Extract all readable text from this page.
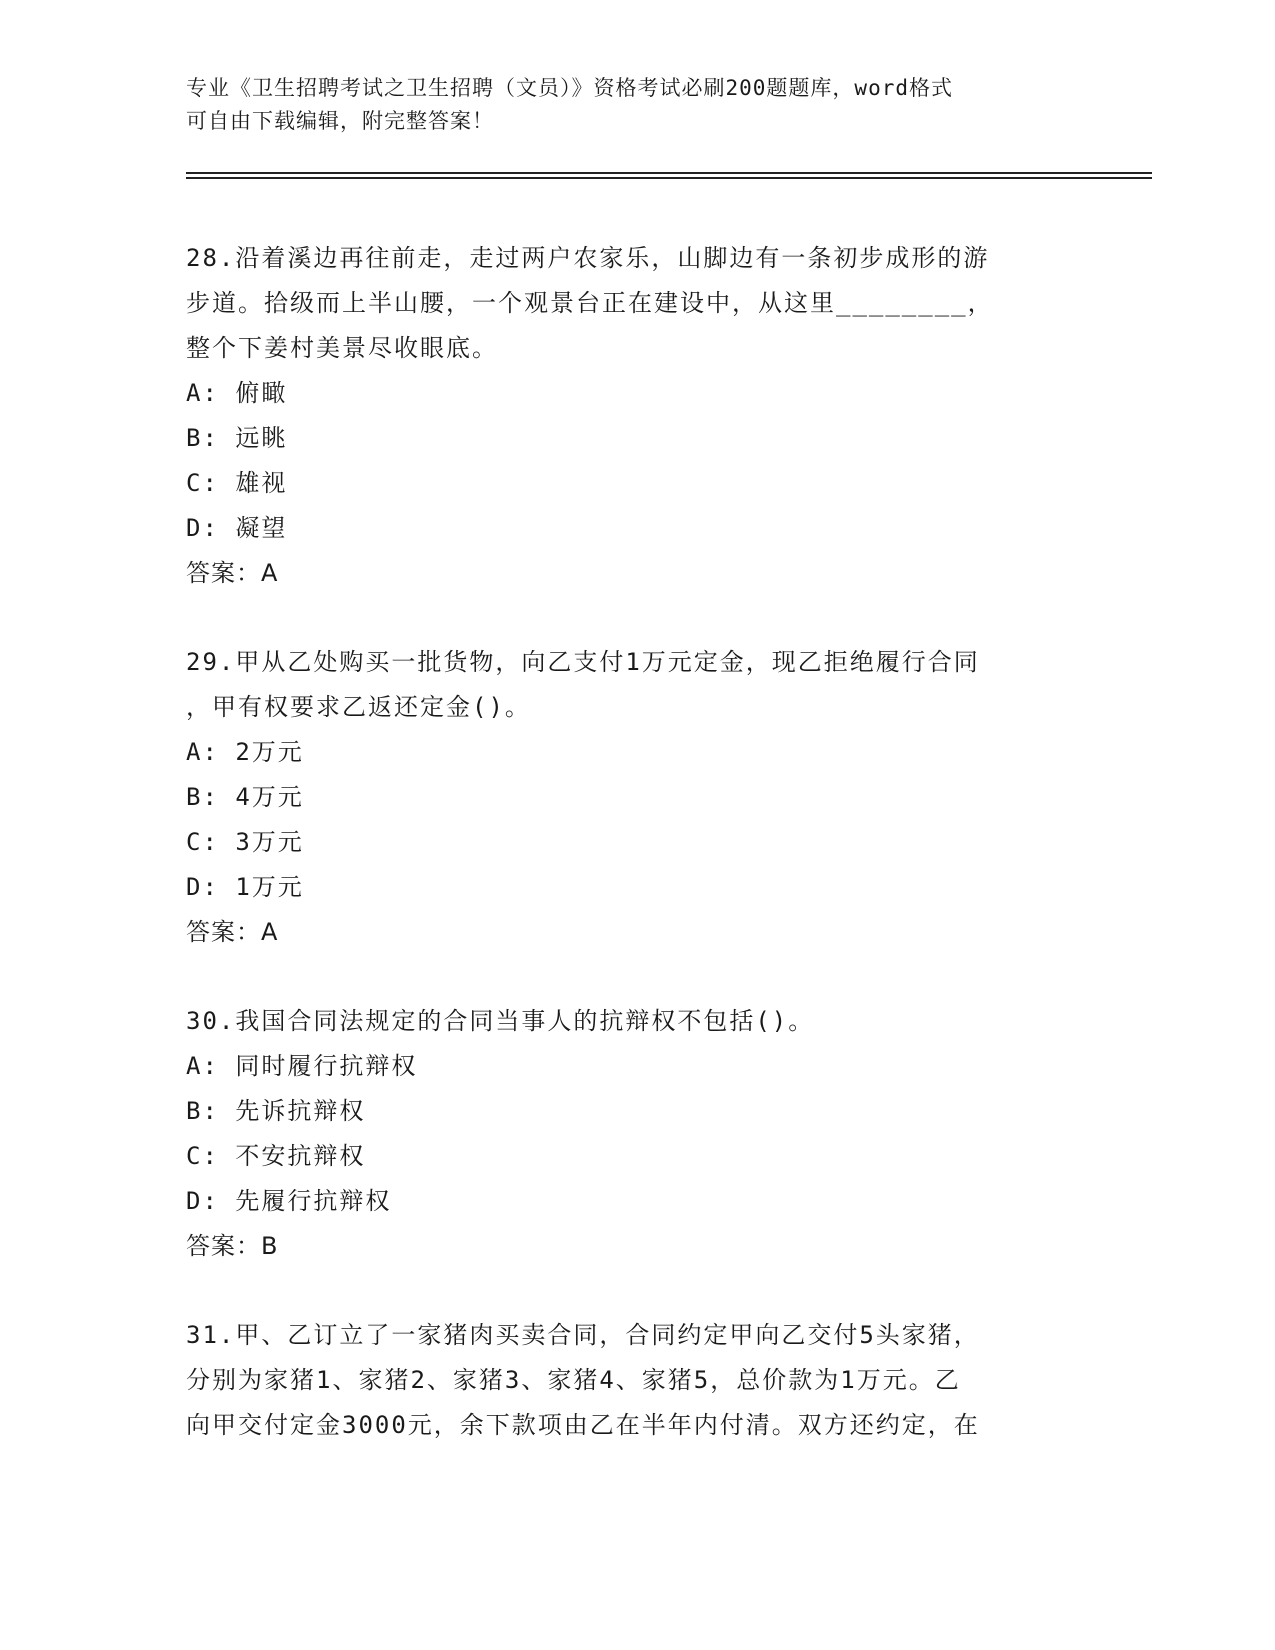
专业《卫生招聘考试之卫生招聘（文员）》资格考试必刷200题题库，word格式
可自由下载编辑，附完整答案！
28.沿着溪边再往前走，走过两户农家乐，山脚边有一条初步成形的游
步道。拾级而上半山腰，一个观景台正在建设中，从这里________，
整个下姜村美景尽收眼底。
A: 俯瞰
B: 远眺
C: 雄视
D: 凝望
答案：A
29.甲从乙处购买一批货物，向乙支付1万元定金，现乙拒绝履行合同
，甲有权要求乙返还定金()。
A: 2万元
B: 4万元
C: 3万元
D: 1万元
答案：A
30.我国合同法规定的合同当事人的抗辩权不包括()。
A: 同时履行抗辩权
B: 先诉抗辩权
C: 不安抗辩权
D: 先履行抗辩权
答案：B
31.甲、乙订立了一家猪肉买卖合同，合同约定甲向乙交付5头家猪，
分别为家猪1、家猪2、家猪3、家猪4、家猪5，总价款为1万元。乙
向甲交付定金3000元，余下款项由乙在半年内付清。双方还约定，在
